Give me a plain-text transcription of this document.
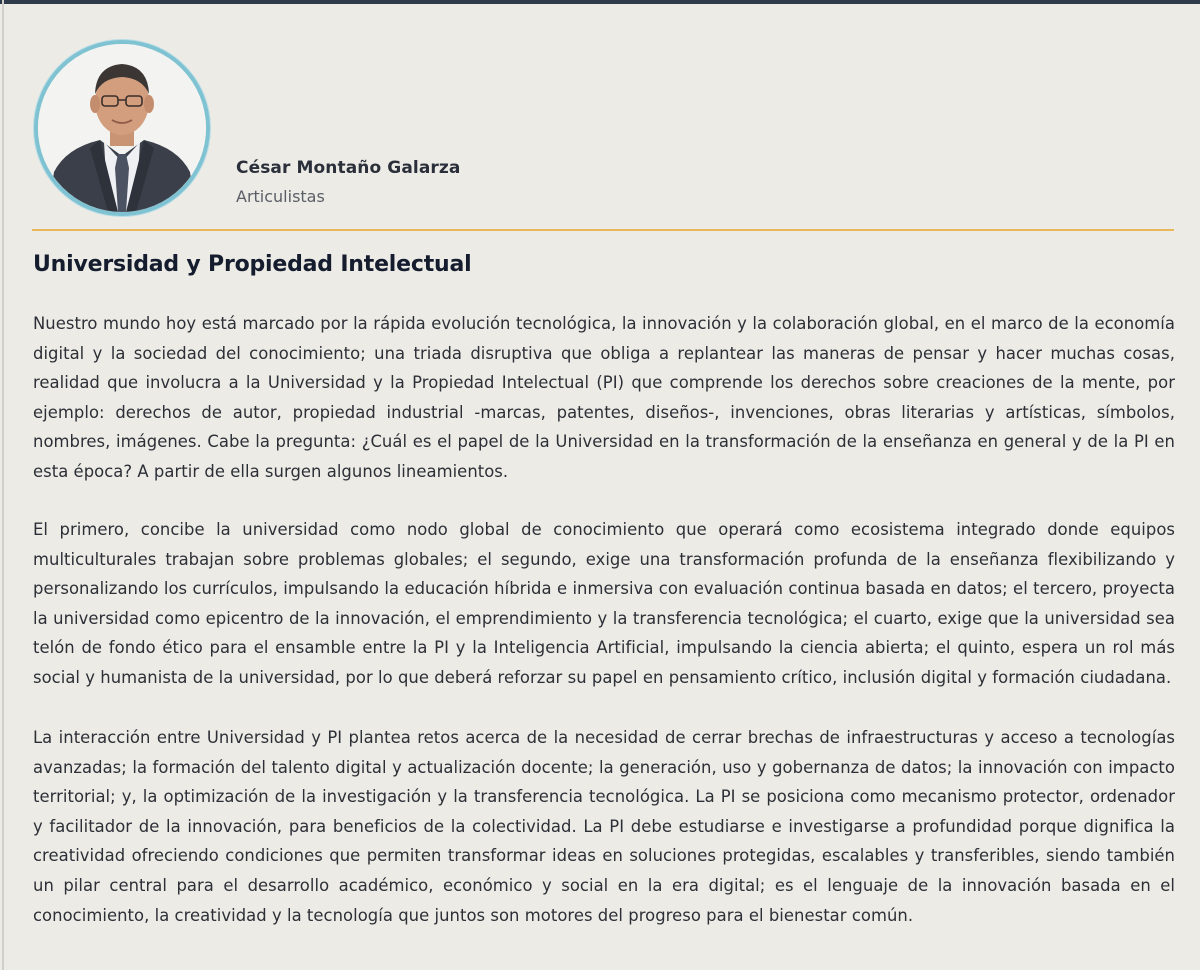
César Montaño Galarza
Articulistas
Universidad y Propiedad Intelectual

Nuestro mundo hoy está marcado por la rápida evolución tecnológica, la innovación y la colaboración global, en el marco de la economía digital y la sociedad del conocimiento; una triada disruptiva que obliga a replantear las maneras de pensar y hacer muchas cosas, realidad que involucra a la Universidad y la Propiedad Intelectual (PI) que comprende los derechos sobre creaciones de la mente, por ejemplo: derechos de autor, propiedad industrial -marcas, patentes, diseños-, invenciones, obras literarias y artísticas, símbolos, nombres, imágenes. Cabe la pregunta: ¿Cuál es el papel de la Universidad en la transformación de la enseñanza en general y de la PI en esta época? A partir de ella surgen algunos lineamientos.

El primero, concibe la universidad como nodo global de conocimiento que operará como ecosistema integrado donde equipos multiculturales trabajan sobre problemas globales; el segundo, exige una transformación profunda de la enseñanza flexibilizando y personalizando los currículos, impulsando la educación híbrida e inmersiva con evaluación continua basada en datos; el tercero, proyecta la universidad como epicentro de la innovación, el emprendimiento y la transferencia tecnológica; el cuarto, exige que la universidad sea telón de fondo ético para el ensamble entre la PI y la Inteligencia Artificial, impulsando la ciencia abierta; el quinto, espera un rol más social y humanista de la universidad, por lo que deberá reforzar su papel en pensamiento crítico, inclusión digital y formación ciudadana.

La interacción entre Universidad y PI plantea retos acerca de la necesidad de cerrar brechas de infraestructuras y acceso a tecnologías avanzadas; la formación del talento digital y actualización docente; la generación, uso y gobernanza de datos; la innovación con impacto territorial; y, la optimización de la investigación y la transferencia tecnológica. La PI se posiciona como mecanismo protector, ordenador y facilitador de la innovación, para beneficios de la colectividad. La PI debe estudiarse e investigarse a profundidad porque dignifica la creatividad ofreciendo condiciones que permiten transformar ideas en soluciones protegidas, escalables y transferibles, siendo también un pilar central para el desarrollo académico, económico y social en la era digital; es el lenguaje de la innovación basada en el conocimiento, la creatividad y la tecnología que juntos son motores del progreso para el bienestar común.
